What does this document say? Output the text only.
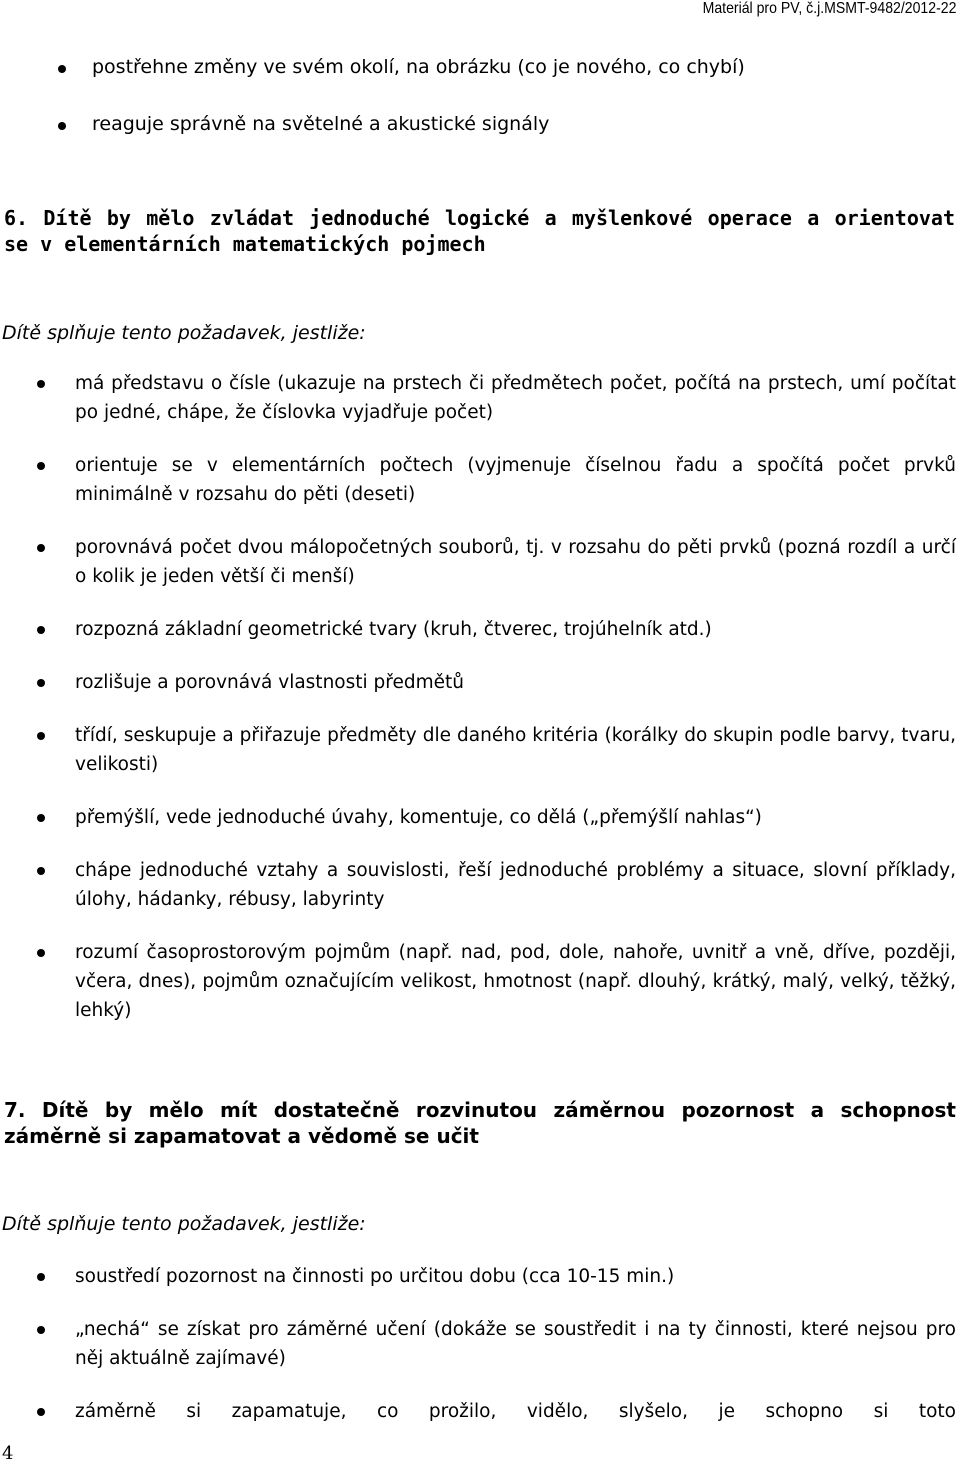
Materiál pro PV, č.j.MSMT-9482/2012-22
postřehne změny ve svém okolí, na obrázku (co je nového, co chybí)
reaguje správně na světelné a akustické signály
6. Dítě by mělo zvládat jednoduché logické a myšlenkové operace a orientovat se v elementárních matematických pojmech
Dítě splňuje tento požadavek, jestliže:
má představu o čísle (ukazuje na prstech či předmětech počet, počítá na prstech, umí počítat po jedné, chápe, že číslovka vyjadřuje počet)
orientuje se v elementárních počtech (vyjmenuje číselnou řadu a spočítá počet prvků minimálně v rozsahu do pěti (deseti)
porovnává počet dvou málopočetných souborů, tj. v rozsahu do pěti prvků (pozná rozdíl a určí o kolik je jeden větší či menší)
rozpozná základní geometrické tvary (kruh, čtverec, trojúhelník atd.)
rozlišuje a porovnává vlastnosti předmětů
třídí, seskupuje a přiřazuje předměty dle daného kritéria (korálky do skupin podle barvy, tvaru, velikosti)
přemýšlí, vede jednoduché úvahy, komentuje, co dělá („přemýšlí nahlas“)
chápe jednoduché vztahy a souvislosti, řeší jednoduché problémy a situace, slovní příklady, úlohy, hádanky, rébusy, labyrinty
rozumí časoprostorovým pojmům (např. nad, pod, dole, nahoře, uvnitř a vně, dříve, později, včera, dnes), pojmům označujícím velikost, hmotnost (např. dlouhý, krátký, malý, velký, těžký, lehký)
7. Dítě by mělo mít dostatečně rozvinutou záměrnou pozornost a schopnost záměrně si zapamatovat a vědomě se učit
Dítě splňuje tento požadavek, jestliže:
soustředí pozornost na činnosti po určitou dobu (cca 10-15 min.)
„nechá“ se získat pro záměrné učení (dokáže se soustředit i na ty činnosti, které nejsou pro něj aktuálně zajímavé)
záměrně si zapamatuje, co prožilo, vidělo, slyšelo, je schopno si toto
4
